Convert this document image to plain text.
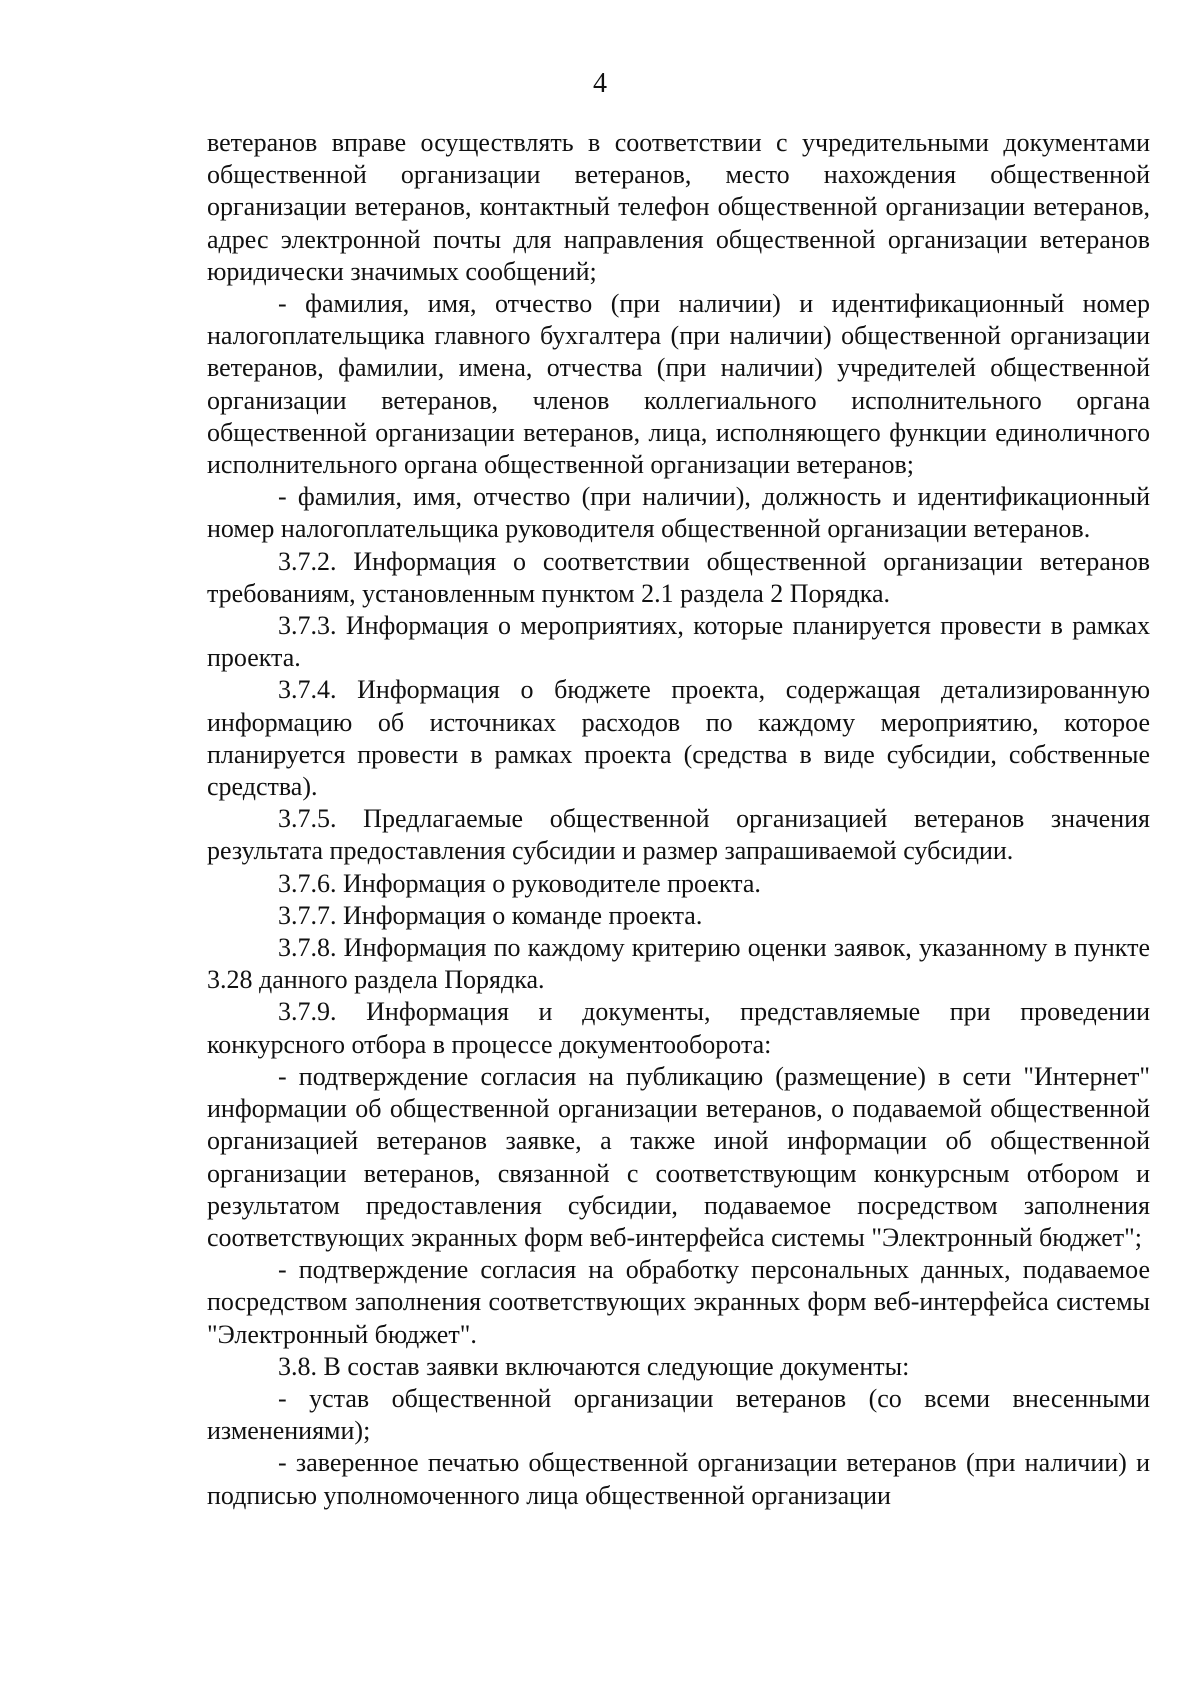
4

ветеранов вправе осуществлять в соответствии с учредительными документами общественной организации ветеранов, место нахождения общественной организации ветеранов, контактный телефон общественной организации ветеранов, адрес электронной почты для направления общественной организации ветеранов юридически значимых сообщений;

- фамилия, имя, отчество (при наличии) и идентификационный номер налогоплательщика главного бухгалтера (при наличии) общественной организации ветеранов, фамилии, имена, отчества (при наличии) учредителей общественной организации ветеранов, членов коллегиального исполнительного органа общественной организации ветеранов, лица, исполняющего функции единоличного исполнительного органа общественной организации ветеранов;

- фамилия, имя, отчество (при наличии), должность и идентификационный номер налогоплательщика руководителя общественной организации ветеранов.

3.7.2. Информация о соответствии общественной организации ветеранов требованиям, установленным пунктом 2.1 раздела 2 Порядка.

3.7.3. Информация о мероприятиях, которые планируется провести в рамках проекта.

3.7.4. Информация о бюджете проекта, содержащая детализированную информацию об источниках расходов по каждому мероприятию, которое планируется провести в рамках проекта (средства в виде субсидии, собственные средства).

3.7.5. Предлагаемые общественной организацией ветеранов значения результата предоставления субсидии и размер запрашиваемой субсидии.

3.7.6. Информация о руководителе проекта.

3.7.7. Информация о команде проекта.

3.7.8. Информация по каждому критерию оценки заявок, указанному в пункте 3.28 данного раздела Порядка.

3.7.9. Информация и документы, представляемые при проведении конкурсного отбора в процессе документооборота:

- подтверждение согласия на публикацию (размещение) в сети "Интернет" информации об общественной организации ветеранов, о подаваемой общественной организацией ветеранов заявке, а также иной информации об общественной организации ветеранов, связанной с соответствующим конкурсным отбором и результатом предоставления субсидии, подаваемое посредством заполнения соответствующих экранных форм веб-интерфейса системы "Электронный бюджет";

- подтверждение согласия на обработку персональных данных, подаваемое посредством заполнения соответствующих экранных форм веб-интерфейса системы "Электронный бюджет".

3.8. В состав заявки включаются следующие документы:

- устав общественной организации ветеранов (со всеми внесенными изменениями);

- заверенное печатью общественной организации ветеранов (при наличии) и подписью уполномоченного лица общественной организации
